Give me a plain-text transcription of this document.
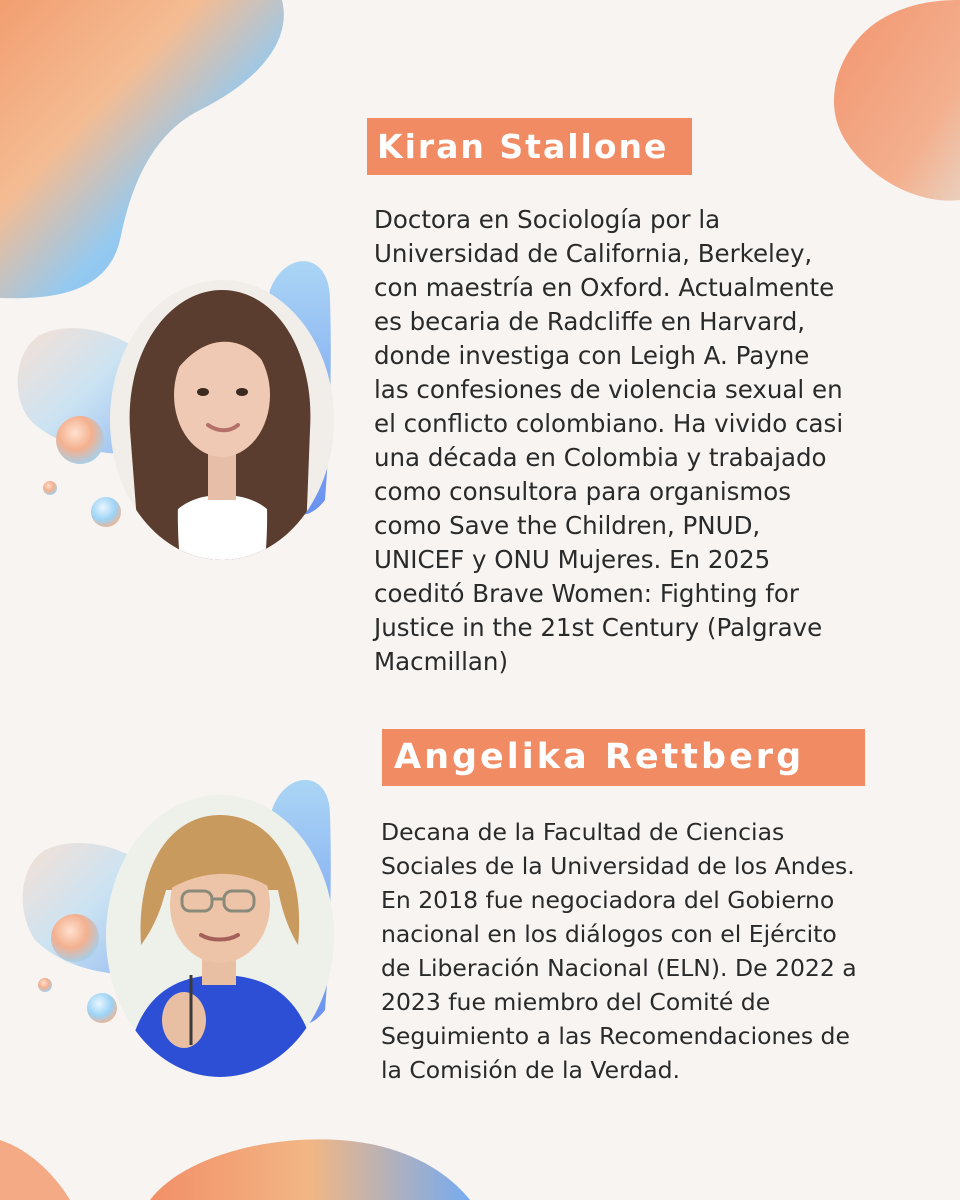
Kiran Stallone
Doctora en Sociología por la
Universidad de California, Berkeley,
con maestría en Oxford. Actualmente
es becaria de Radcliffe en Harvard,
donde investiga con Leigh A. Payne
las confesiones de violencia sexual en
el conflicto colombiano. Ha vivido casi
una década en Colombia y trabajado
como consultora para organismos
como Save the Children, PNUD,
UNICEF y ONU Mujeres. En 2025
coeditó Brave Women: Fighting for
Justice in the 21st Century (Palgrave
Macmillan)
Angelika Rettberg
Decana de la Facultad de Ciencias
Sociales de la Universidad de los Andes.
En 2018 fue negociadora del Gobierno
nacional en los diálogos con el Ejército
de Liberación Nacional (ELN). De 2022 a
2023 fue miembro del Comité de
Seguimiento a las Recomendaciones de
la Comisión de la Verdad.
